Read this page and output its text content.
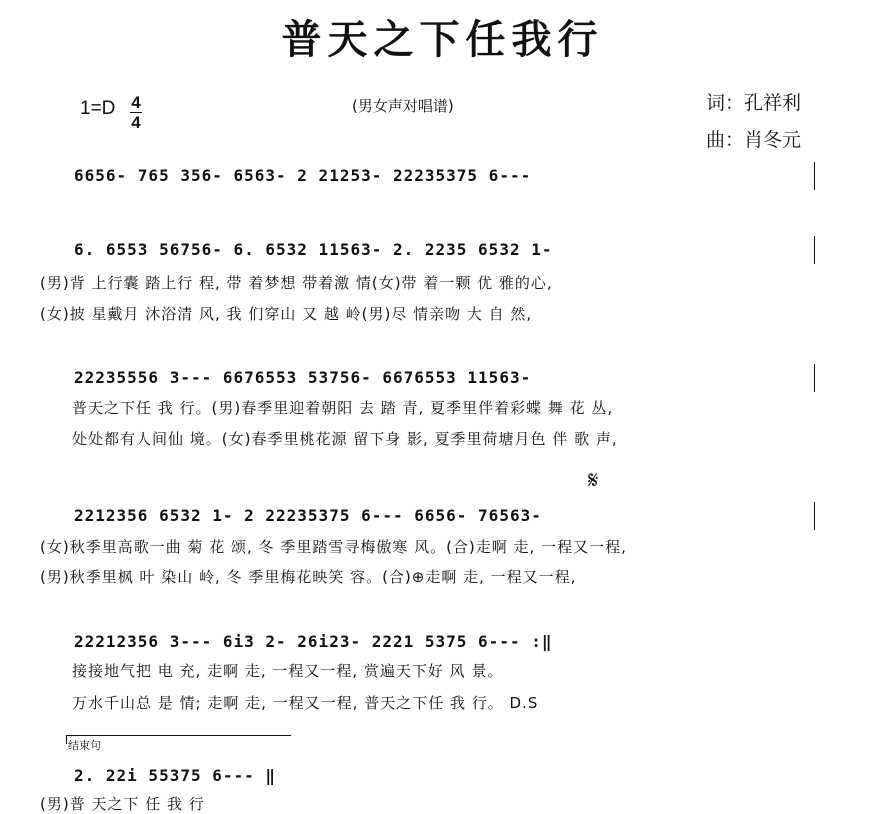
普天之下任我行
1=D 4
4
(男女声对唱谱)	词：孔祥利
曲：肖冬元
6656- 765 356- 6563- 2 21253- 22235375 6---
6. 6553 56756- 6. 6532 11563- 2. 2235 6532 1-
(男)背 上行囊 踏上行 程, 带 着梦想 带着激 情(女)带 着一颗 优 雅的心,
(女)披 星戴月 沐浴清 风, 我 们穿山 又 越 岭(男)尽 情亲吻 大 自 然,
22235556 3--- 6676553 53756- 6676553 11563-
普天之下任 我 行。(男)春季里迎着朝阳 去 踏 青, 夏季里伴着彩蝶 舞 花 丛,
处处都有人间仙 境。(女)春季里桃花源 留下身 影, 夏季里荷塘月色 伴 歌 声,
𝄋
2212356 6532 1- 2 22235375 6--- 6656- 76563-
(女)秋季里高歌一曲 菊 花 颂, 冬 季里踏雪寻梅傲寒 风。(合)走啊 走, 一程又一程,
(男)秋季里枫 叶 染山 岭, 冬 季里梅花映笑 容。(合)⊕走啊 走, 一程又一程,
22212356 3--- 6i3 2- 26i23- 2221 5375 6--- :‖
接接地气把 电 充, 走啊 走, 一程又一程, 赏遍天下好 风 景。
万水千山总 是 情; 走啊 走, 一程又一程, 普天之下任 我 行。 D.S
结束句
2. 22i 55375 6--- ‖
(男)普 天之下 任 我 行
